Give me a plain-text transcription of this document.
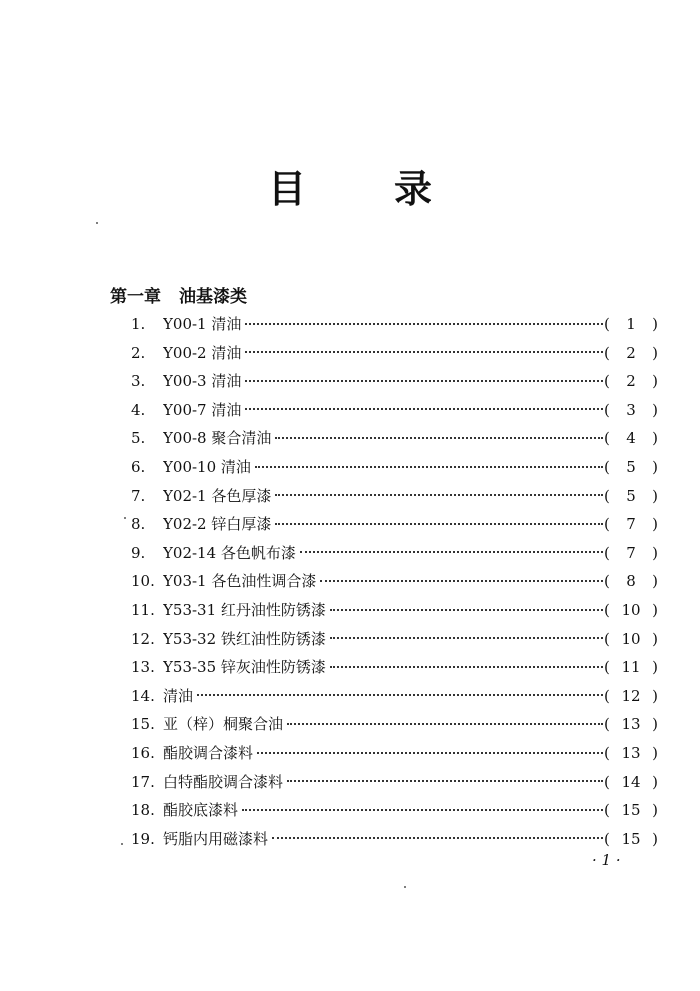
目 录
第一章 油基漆类
1.	Y00-1 清油	( 1 )
2.	Y00-2 清油	( 2 )
3.	Y00-3 清油	( 2 )
4.	Y00-7 清油	( 3 )
5.	Y00-8 聚合清油	( 4 )
6.	Y00-10 清油	( 5 )
7.	Y02-1 各色厚漆	( 5 )
8.	Y02-2 锌白厚漆	( 7 )
9.	Y02-14 各色帆布漆	( 7 )
10. Y03-1 各色油性调合漆	( 8 )
11. Y53-31 红丹油性防锈漆	( 10 )
12. Y53-32 铁红油性防锈漆	( 10 )
13. Y53-35 锌灰油性防锈漆	( 11 )
14. 清油	( 12 )
15. 亚（梓）桐聚合油	( 13 )
16. 酯胶调合漆料	( 13 )
17. 白特酯胶调合漆料	( 14 )
18. 酯胶底漆料	( 15 )
19. 钙脂内用磁漆料	( 15 )
· 1 ·
